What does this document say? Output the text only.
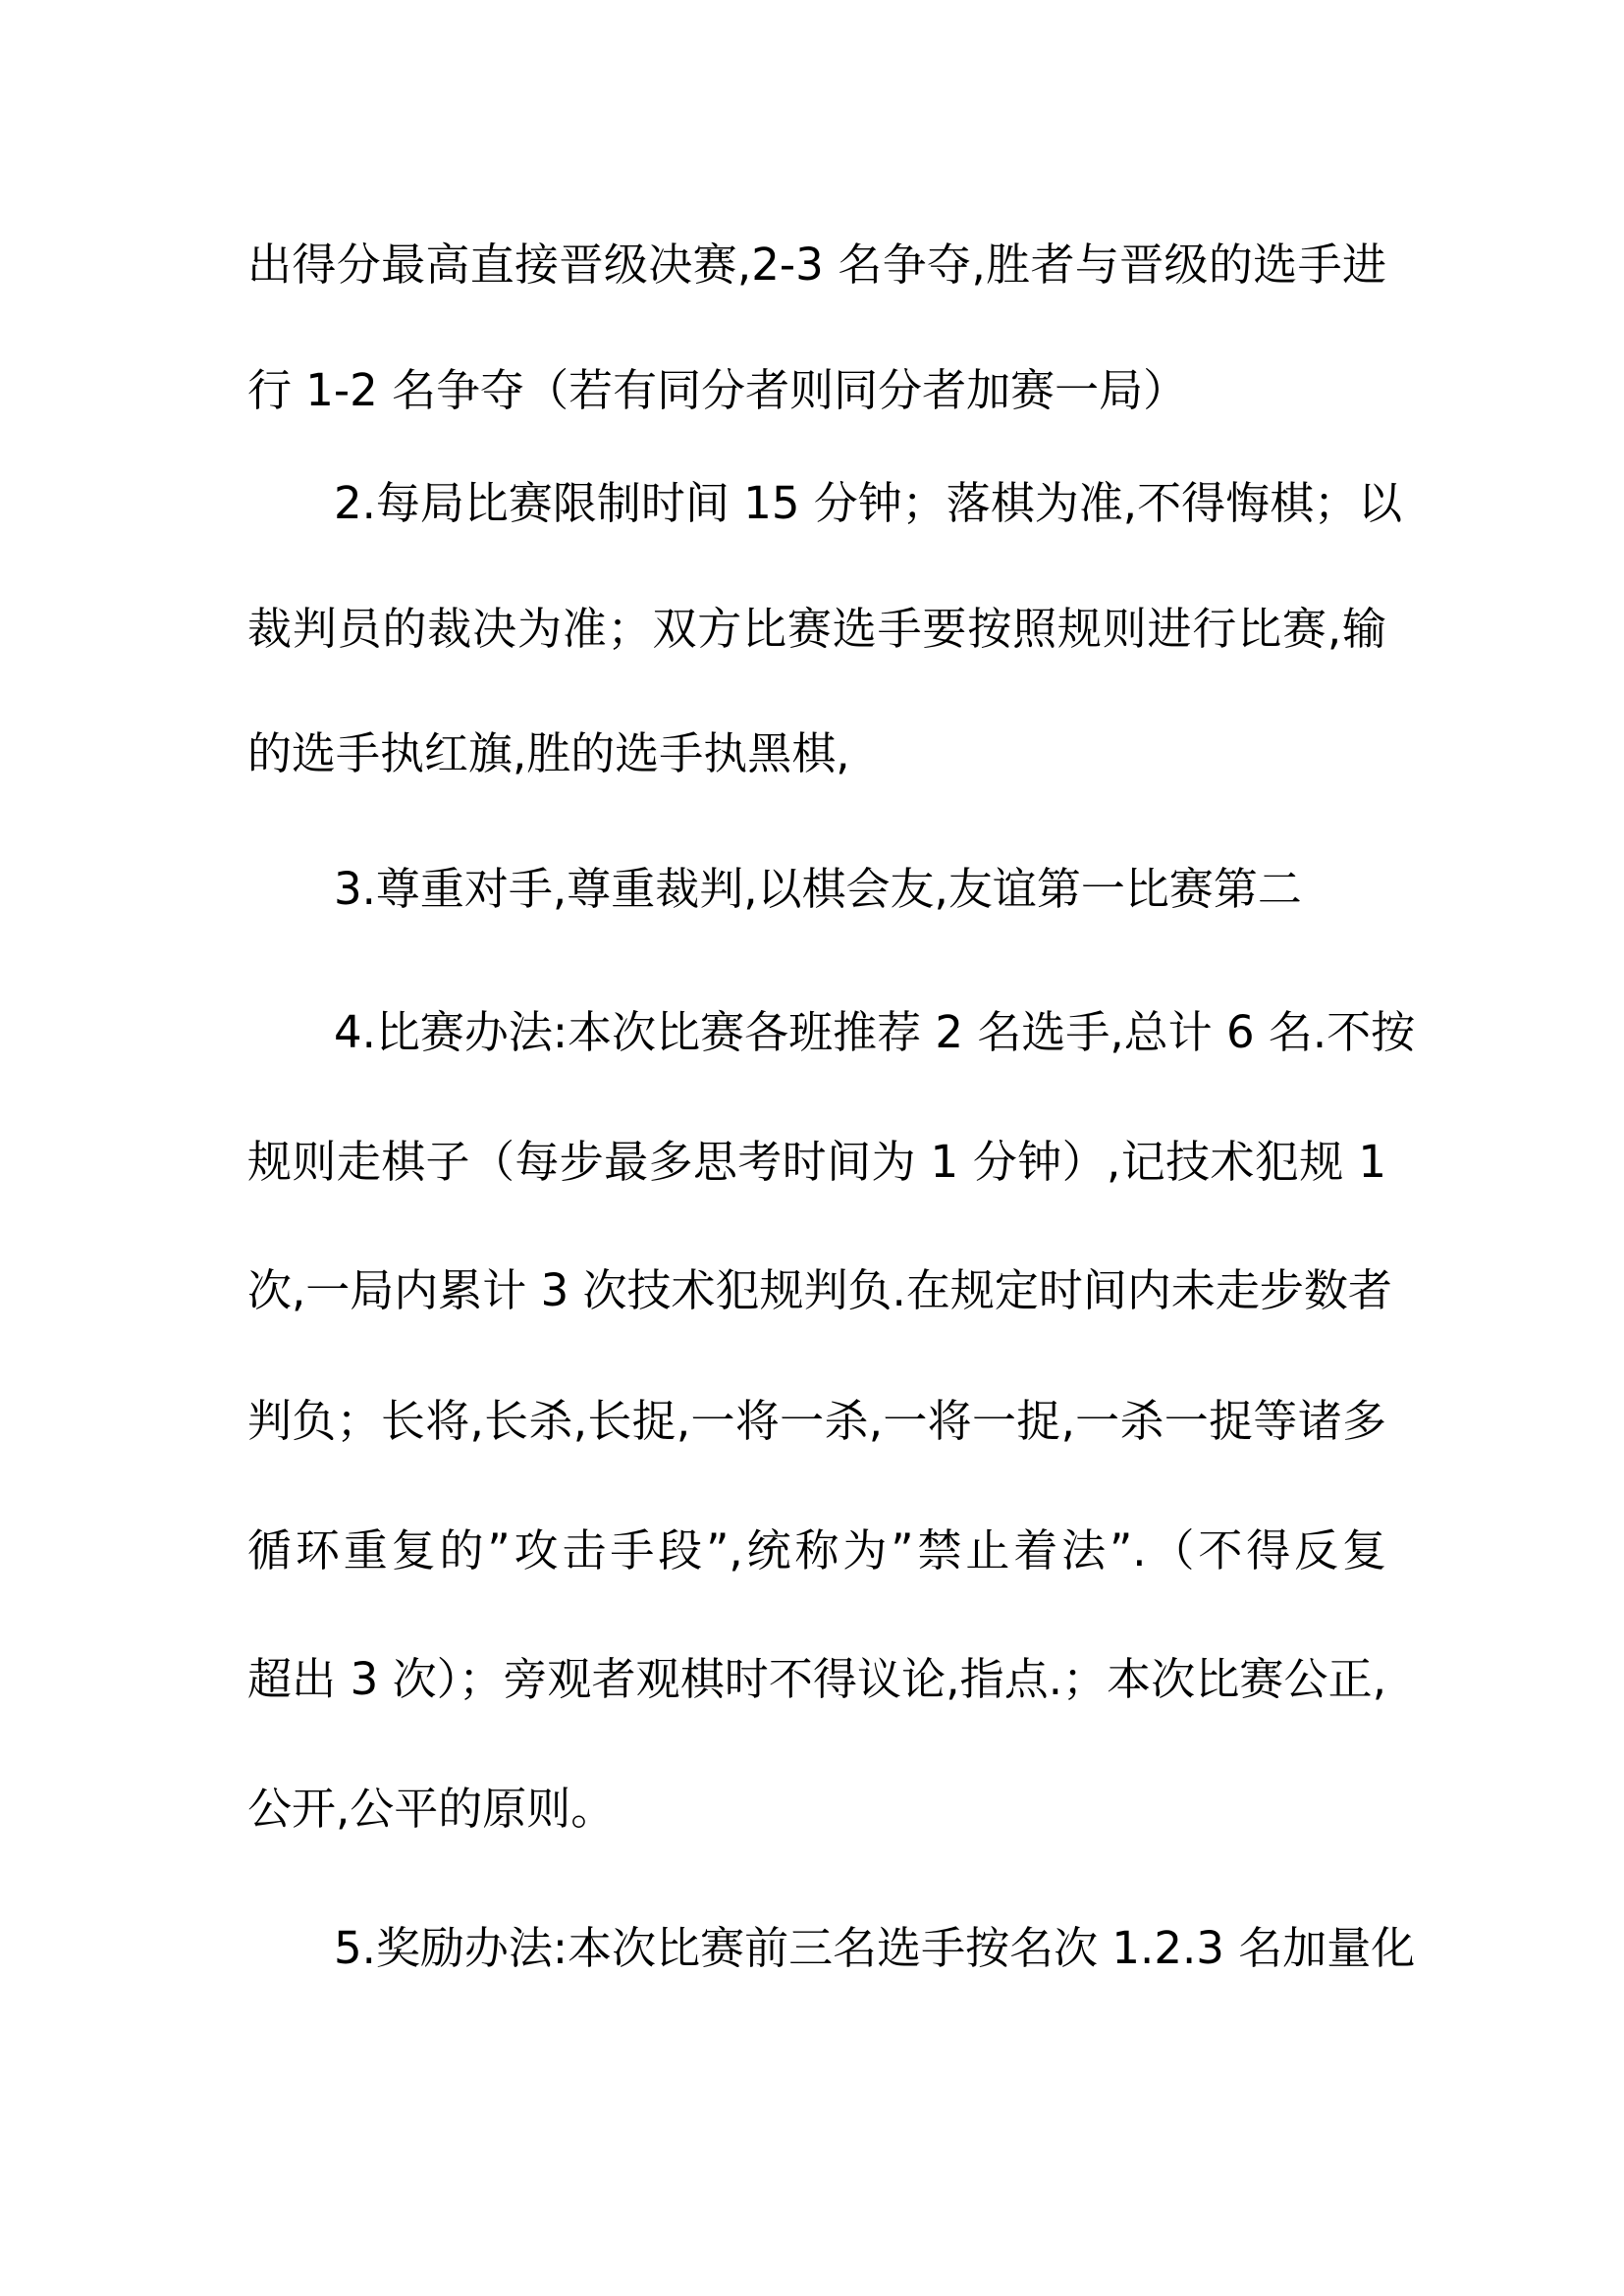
出得分最高直接晋级决赛,2-3 名争夺,胜者与晋级的选手进
行 1-2 名争夺（若有同分者则同分者加赛一局）
2.每局比赛限制时间 15 分钟；落棋为准,不得悔棋；以
裁判员的裁决为准；双方比赛选手要按照规则进行比赛,输
的选手执红旗,胜的选手执黑棋,
3.尊重对手,尊重裁判,以棋会友,友谊第一比赛第二
4.比赛办法:本次比赛各班推荐 2 名选手,总计 6 名.不按
规则走棋子（每步最多思考时间为 1 分钟）,记技术犯规 1
次,一局内累计 3 次技术犯规判负.在规定时间内未走步数者
判负；长将,长杀,长捉,一将一杀,一将一捉,一杀一捉等诸多
循环重复的”攻击手段”,统称为”禁止着法”.（不得反复
超出 3 次）；旁观者观棋时不得议论,指点.；本次比赛公正,
公开,公平的原则。
5.奖励办法:本次比赛前三名选手按名次 1.2.3 名加量化
